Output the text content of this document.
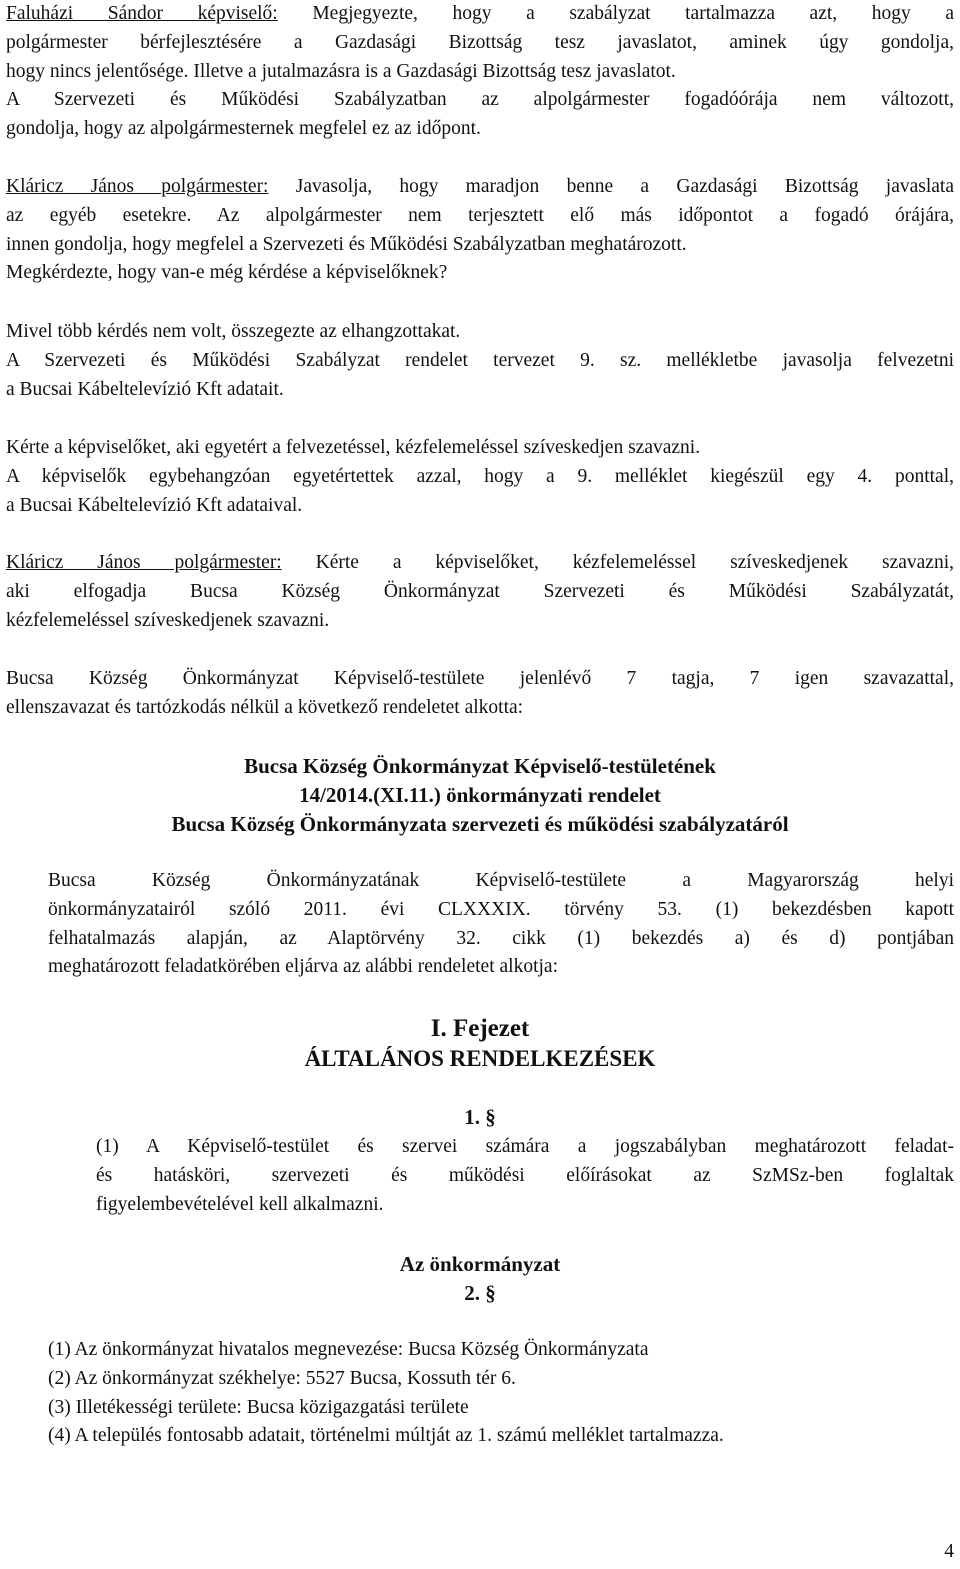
Faluházi Sándor képviselő: Megjegyezte, hogy a szabályzat tartalmazza azt, hogy a
polgármester bérfejlesztésére a Gazdasági Bizottság tesz javaslatot, aminek úgy gondolja,
hogy nincs jelentősége. Illetve a jutalmazásra is a Gazdasági Bizottság tesz javaslatot.
A Szervezeti és Működési Szabályzatban az alpolgármester fogadóórája nem változott,
gondolja, hogy az alpolgármesternek megfelel ez az időpont.
Kláricz János polgármester: Javasolja, hogy maradjon benne a Gazdasági Bizottság javaslata
az egyéb esetekre. Az alpolgármester nem terjesztett elő más időpontot a fogadó órájára,
innen gondolja, hogy megfelel a Szervezeti és Működési Szabályzatban meghatározott.
Megkérdezte, hogy van-e még kérdése a képviselőknek?
Mivel több kérdés nem volt, összegezte az elhangzottakat.
A Szervezeti és Működési Szabályzat rendelet tervezet 9. sz. mellékletbe javasolja felvezetni
a Bucsai Kábeltelevízió Kft adatait.
Kérte a képviselőket, aki egyetért a felvezetéssel, kézfelemeléssel szíveskedjen szavazni.
A képviselők egybehangzóan egyetértettek azzal, hogy a 9. melléklet kiegészül egy 4. ponttal,
a Bucsai Kábeltelevízió Kft adataival.
Kláricz János polgármester: Kérte a képviselőket, kézfelemeléssel szíveskedjenek szavazni,
aki elfogadja Bucsa Község Önkormányzat Szervezeti és Működési Szabályzatát,
kézfelemeléssel szíveskedjenek szavazni.
Bucsa Község Önkormányzat Képviselő-testülete jelenlévő 7 tagja, 7 igen szavazattal,
ellenszavazat és tartózkodás nélkül a következő rendeletet alkotta:
Bucsa Község Önkormányzat Képviselő-testületének
14/2014.(XI.11.) önkormányzati rendelet
Bucsa Község Önkormányzata szervezeti és működési szabályzatáról
Bucsa Község Önkormányzatának Képviselő-testülete a Magyarország helyi
önkormányzatairól szóló 2011. évi CLXXXIX. törvény 53. (1) bekezdésben kapott
felhatalmazás alapján, az Alaptörvény 32. cikk (1) bekezdés a) és d) pontjában
meghatározott feladatkörében eljárva az alábbi rendeletet alkotja:
I. Fejezet
ÁLTALÁNOS RENDELKEZÉSEK
1. §
(1) A Képviselő-testület és szervei számára a jogszabályban meghatározott feladat-
és hatásköri, szervezeti és működési előírásokat az SzMSz-ben foglaltak
figyelembevételével kell alkalmazni.
Az önkormányzat
2. §
(1) Az önkormányzat hivatalos megnevezése: Bucsa Község Önkormányzata
(2) Az önkormányzat székhelye: 5527 Bucsa, Kossuth tér 6.
(3) Illetékességi területe: Bucsa közigazgatási területe
(4) A település fontosabb adatait, történelmi múltját az 1. számú melléklet tartalmazza.
4
